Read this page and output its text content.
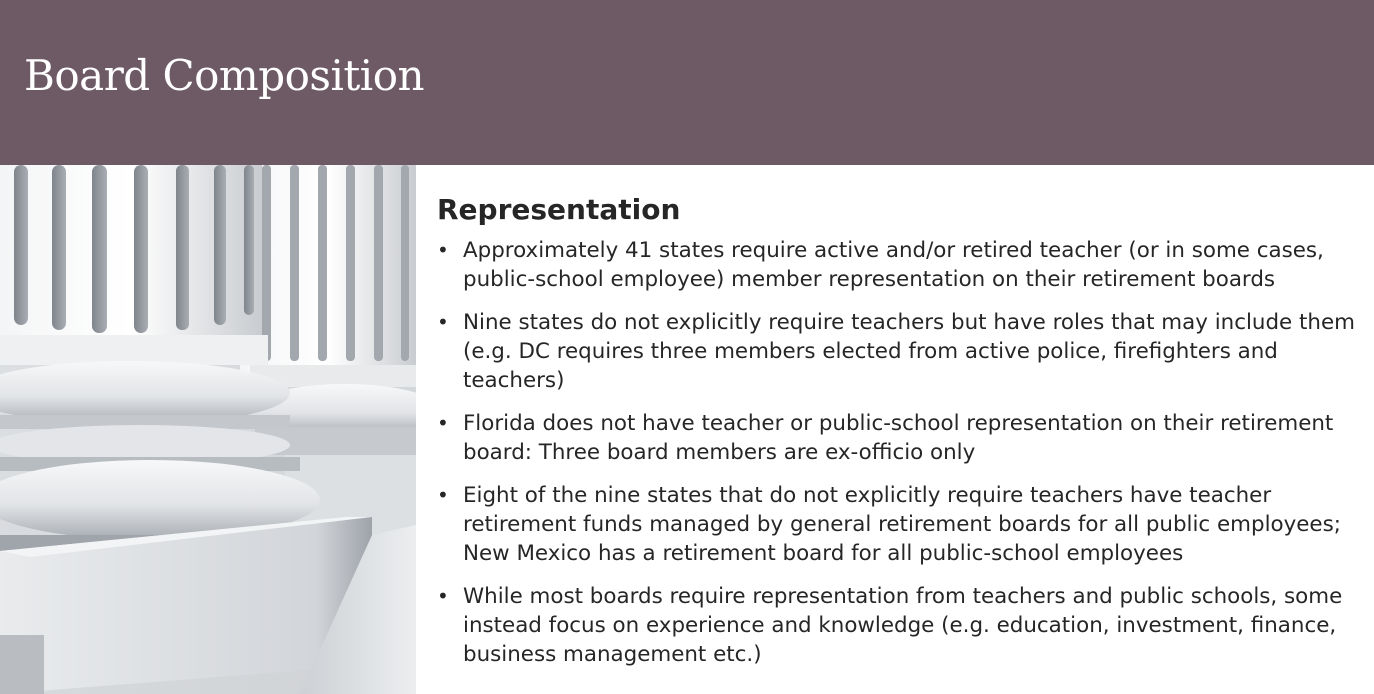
Board Composition
Representation
• Approximately 41 states require active and/or retired teacher (or in some cases, public-school employee) member representation on their retirement boards
• Nine states do not explicitly require teachers but have roles that may include them (e.g. DC requires three members elected from active police, firefighters and teachers)
• Florida does not have teacher or public-school representation on their retirement board: Three board members are ex-officio only
• Eight of the nine states that do not explicitly require teachers have teacher retirement funds managed by general retirement boards for all public employees; New Mexico has a retirement board for all public-school employees
• While most boards require representation from teachers and public schools, some instead focus on experience and knowledge (e.g. education, investment, finance, business management etc.)
